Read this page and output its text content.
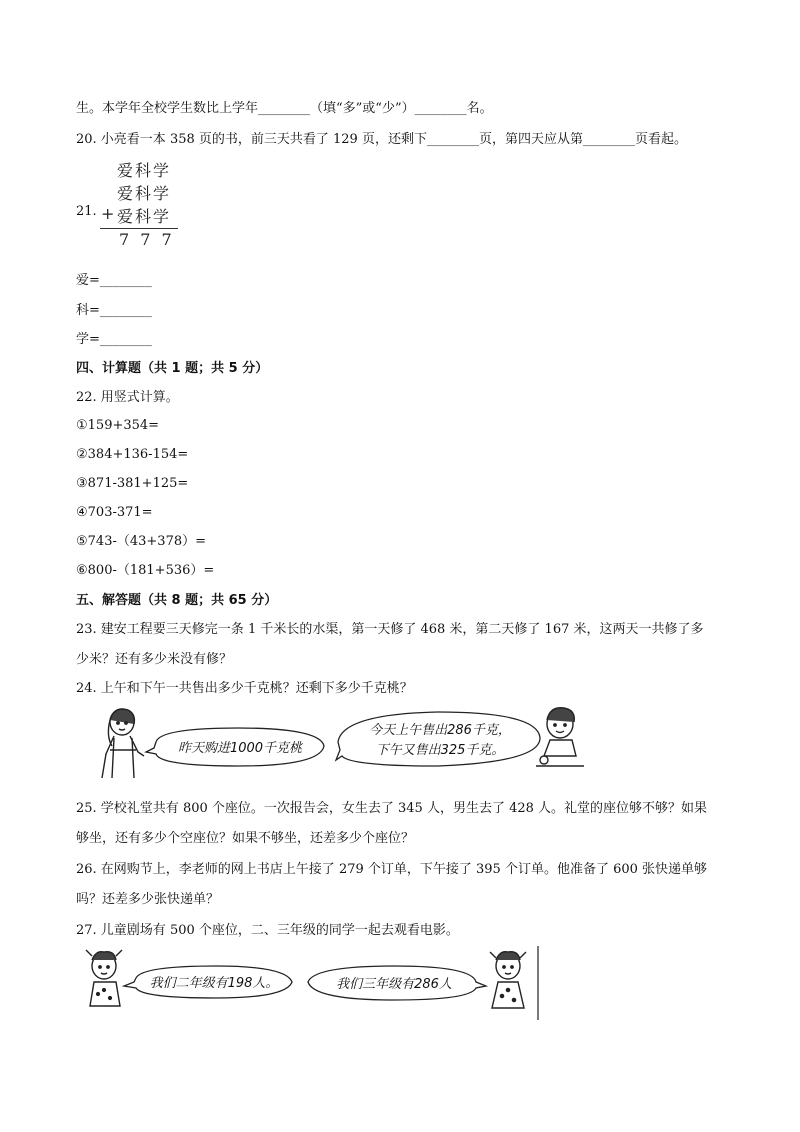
生。本学年全校学生数比上学年________（填“多”或“少”）________名。
20. 小亮看一本 358 页的书，前三天共看了 129 页，还剩下________页，第四天应从第________页看起。
21.
爱科学
爱科学
+ 爱科学
7 7 7
爱=________
科=________
学=________
四、计算题（共 1 题；共 5 分）
22. 用竖式计算。
①159+354=
②384+136-154=
③871-381+125=
④703-371=
⑤743-（43+378）=
⑥800-（181+536）=
五、解答题（共 8 题；共 65 分）
23. 建安工程要三天修完一条 1 千米长的水渠，第一天修了 468 米，第二天修了 167 米，这两天一共修了多
少米？还有多少米没有修？
24. 上午和下午一共售出多少千克桃？还剩下多少千克桃？
昨天购进1000千克桃
今天上午售出286千克，
下午又售出325千克。
25. 学校礼堂共有 800 个座位。一次报告会，女生去了 345 人，男生去了 428 人。礼堂的座位够不够？如果
够坐，还有多少个空座位？如果不够坐，还差多少个座位？
26. 在网购节上，李老师的网上书店上午接了 279 个订单，下午接了 395 个订单。他准备了 600 张快递单够
吗？还差多少张快递单？
27. 儿童剧场有 500 个座位，二、三年级的同学一起去观看电影。
我们二年级有198人。	我们三年级有286人
